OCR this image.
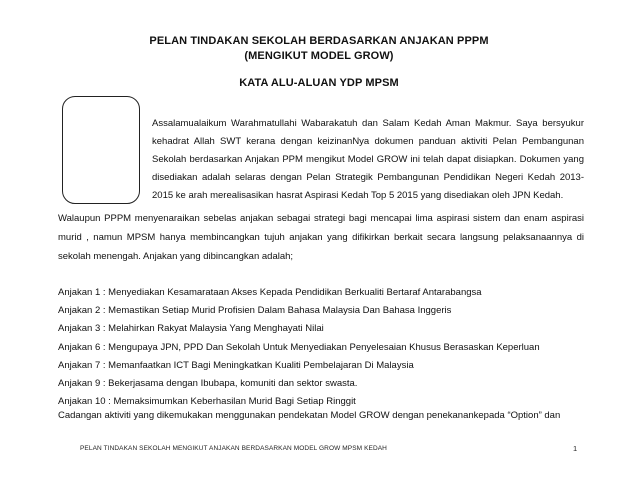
PELAN TINDAKAN SEKOLAH BERDASARKAN ANJAKAN PPPM
(MENGIKUT MODEL GROW)
KATA ALU-ALUAN YDP MPSM
Assalamualaikum Warahmatullahi Wabarakatuh dan Salam Kedah Aman Makmur. Saya bersyukur kehadrat Allah SWT kerana dengan keizinanNya dokumen panduan aktiviti Pelan Pembangunan Sekolah berdasarkan Anjakan PPM mengikut Model GROW ini telah dapat disiapkan. Dokumen yang disediakan adalah selaras dengan Pelan Strategik Pembangunan Pendidikan Negeri Kedah 2013-2015 ke arah merealisasikan hasrat Aspirasi Kedah Top 5 2015 yang disediakan oleh JPN Kedah.
Walaupun PPPM menyenaraikan sebelas anjakan sebagai strategi bagi mencapai lima aspirasi sistem dan enam aspirasi murid , namun MPSM hanya membincangkan tujuh anjakan yang difikirkan berkait secara langsung pelaksanaannya di sekolah menengah. Anjakan yang dibincangkan adalah;
Anjakan 1 : Menyediakan Kesamarataan Akses Kepada Pendidikan Berkualiti Bertaraf Antarabangsa
Anjakan 2 : Memastikan Setiap Murid Profisien Dalam Bahasa Malaysia Dan Bahasa Inggeris
Anjakan 3 : Melahirkan Rakyat Malaysia Yang Menghayati Nilai
Anjakan 6 : Mengupaya JPN, PPD Dan Sekolah Untuk Menyediakan Penyelesaian Khusus Berasaskan Keperluan
Anjakan 7 : Memanfaatkan ICT Bagi Meningkatkan Kualiti Pembelajaran Di Malaysia
Anjakan 9 : Bekerjasama dengan Ibubapa, komuniti dan sektor swasta.
Anjakan 10 : Memaksimumkan Keberhasilan Murid Bagi Setiap Ringgit
Cadangan aktiviti yang dikemukakan menggunakan pendekatan Model GROW dengan penekanankepada “Option” dan
PELAN TINDAKAN SEKOLAH MENGIKUT ANJAKAN BERDASARKAN MODEL GROW MPSM KEDAH	1
